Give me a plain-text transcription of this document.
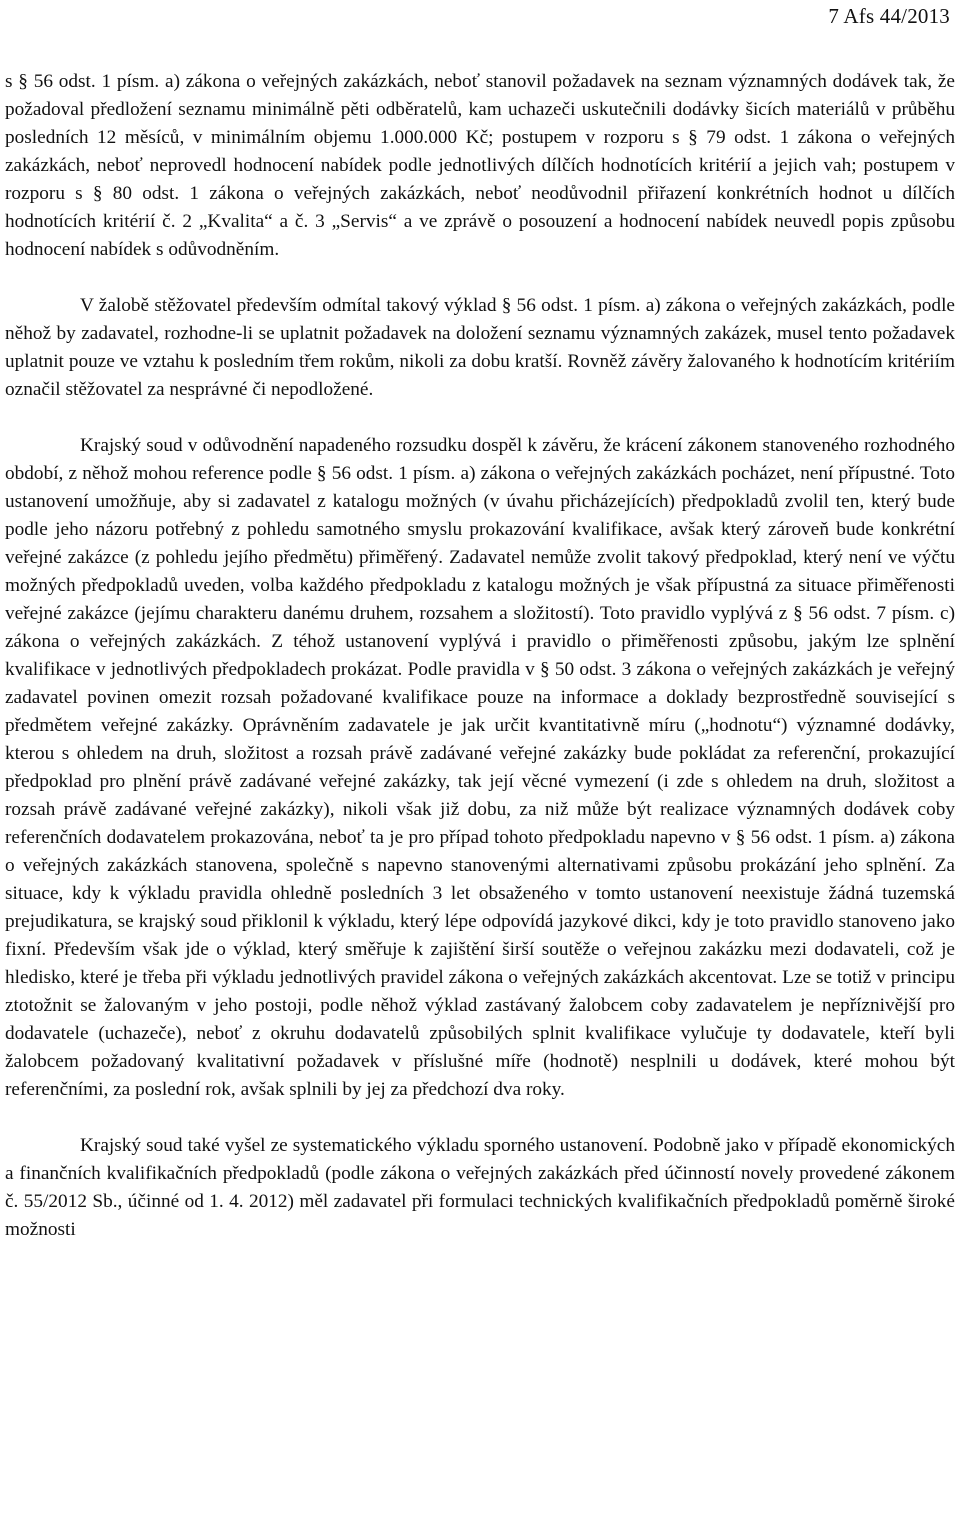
7 Afs 44/2013

s § 56 odst. 1 písm. a) zákona o veřejných zakázkách, neboť stanovil požadavek na seznam významných dodávek tak, že požadoval předložení seznamu minimálně pěti odběratelů, kam uchazeči uskutečnili dodávky šicích materiálů v průběhu posledních 12 měsíců, v minimálním objemu 1.000.000 Kč; postupem v rozporu s § 79 odst. 1 zákona o veřejných zakázkách, neboť neprovedl hodnocení nabídek podle jednotlivých dílčích hodnotících kritérií a jejich vah; postupem v rozporu s § 80 odst. 1 zákona o veřejných zakázkách, neboť neodůvodnil přiřazení konkrétních hodnot u dílčích hodnotících kritérií č. 2 „Kvalita“ a č. 3 „Servis“ a ve zprávě o posouzení a hodnocení nabídek neuvedl popis způsobu hodnocení nabídek s odůvodněním.

V žalobě stěžovatel především odmítal takový výklad § 56 odst. 1 písm. a) zákona o veřejných zakázkách, podle něhož by zadavatel, rozhodne-li se uplatnit požadavek na doložení seznamu významných zakázek, musel tento požadavek uplatnit pouze ve vztahu k posledním třem rokům, nikoli za dobu kratší. Rovněž závěry žalovaného k hodnotícím kritériím označil stěžovatel za nesprávné či nepodložené.

Krajský soud v odůvodnění napadeného rozsudku dospěl k závěru, že krácení zákonem stanoveného rozhodného období, z něhož mohou reference podle § 56 odst. 1 písm. a) zákona o veřejných zakázkách pocházet, není přípustné. Toto ustanovení umožňuje, aby si zadavatel z katalogu možných (v úvahu přicházejících) předpokladů zvolil ten, který bude podle jeho názoru potřebný z pohledu samotného smyslu prokazování kvalifikace, avšak který zároveň bude konkrétní veřejné zakázce (z pohledu jejího předmětu) přiměřený. Zadavatel nemůže zvolit takový předpoklad, který není ve výčtu možných předpokladů uveden, volba každého předpokladu z katalogu možných je však přípustná za situace přiměřenosti veřejné zakázce (jejímu charakteru danému druhem, rozsahem a složitostí). Toto pravidlo vyplývá z § 56 odst. 7 písm. c) zákona o veřejných zakázkách. Z téhož ustanovení vyplývá i pravidlo o přiměřenosti způsobu, jakým lze splnění kvalifikace v jednotlivých předpokladech prokázat. Podle pravidla v § 50 odst. 3 zákona o veřejných zakázkách je veřejný zadavatel povinen omezit rozsah požadované kvalifikace pouze na informace a doklady bezprostředně související s předmětem veřejné zakázky. Oprávněním zadavatele je jak určit kvantitativně míru („hodnotu“) významné dodávky, kterou s ohledem na druh, složitost a rozsah právě zadávané veřejné zakázky bude pokládat za referenční, prokazující předpoklad pro plnění právě zadávané veřejné zakázky, tak její věcné vymezení (i zde s ohledem na druh, složitost a rozsah právě zadávané veřejné zakázky), nikoli však již dobu, za niž může být realizace významných dodávek coby referenčních dodavatelem prokazována, neboť ta je pro případ tohoto předpokladu napevno v § 56 odst. 1 písm. a) zákona o veřejných zakázkách stanovena, společně s napevno stanovenými alternativami způsobu prokázání jeho splnění. Za situace, kdy k výkladu pravidla ohledně posledních 3 let obsaženého v tomto ustanovení neexistuje žádná tuzemská prejudikatura, se krajský soud přiklonil k výkladu, který lépe odpovídá jazykové dikci, kdy je toto pravidlo stanoveno jako fixní. Především však jde o výklad, který směřuje k zajištění širší soutěže o veřejnou zakázku mezi dodavateli, což je hledisko, které je třeba při výkladu jednotlivých pravidel zákona o veřejných zakázkách akcentovat. Lze se totiž v principu ztotožnit se žalovaným v jeho postoji, podle něhož výklad zastávaný žalobcem coby zadavatelem je nepříznivější pro dodavatele (uchazeče), neboť z okruhu dodavatelů způsobilých splnit kvalifikace vylučuje ty dodavatele, kteří byli žalobcem požadovaný kvalitativní požadavek v příslušné míře (hodnotě) nesplnili u dodávek, které mohou být referenčními, za poslední rok, avšak splnili by jej za předchozí dva roky.

Krajský soud také vyšel ze systematického výkladu sporného ustanovení. Podobně jako v případě ekonomických a finančních kvalifikačních předpokladů (podle zákona o veřejných zakázkách před účinností novely provedené zákonem č. 55/2012 Sb., účinné od 1. 4. 2012) měl zadavatel při formulaci technických kvalifikačních předpokladů poměrně široké možnosti
